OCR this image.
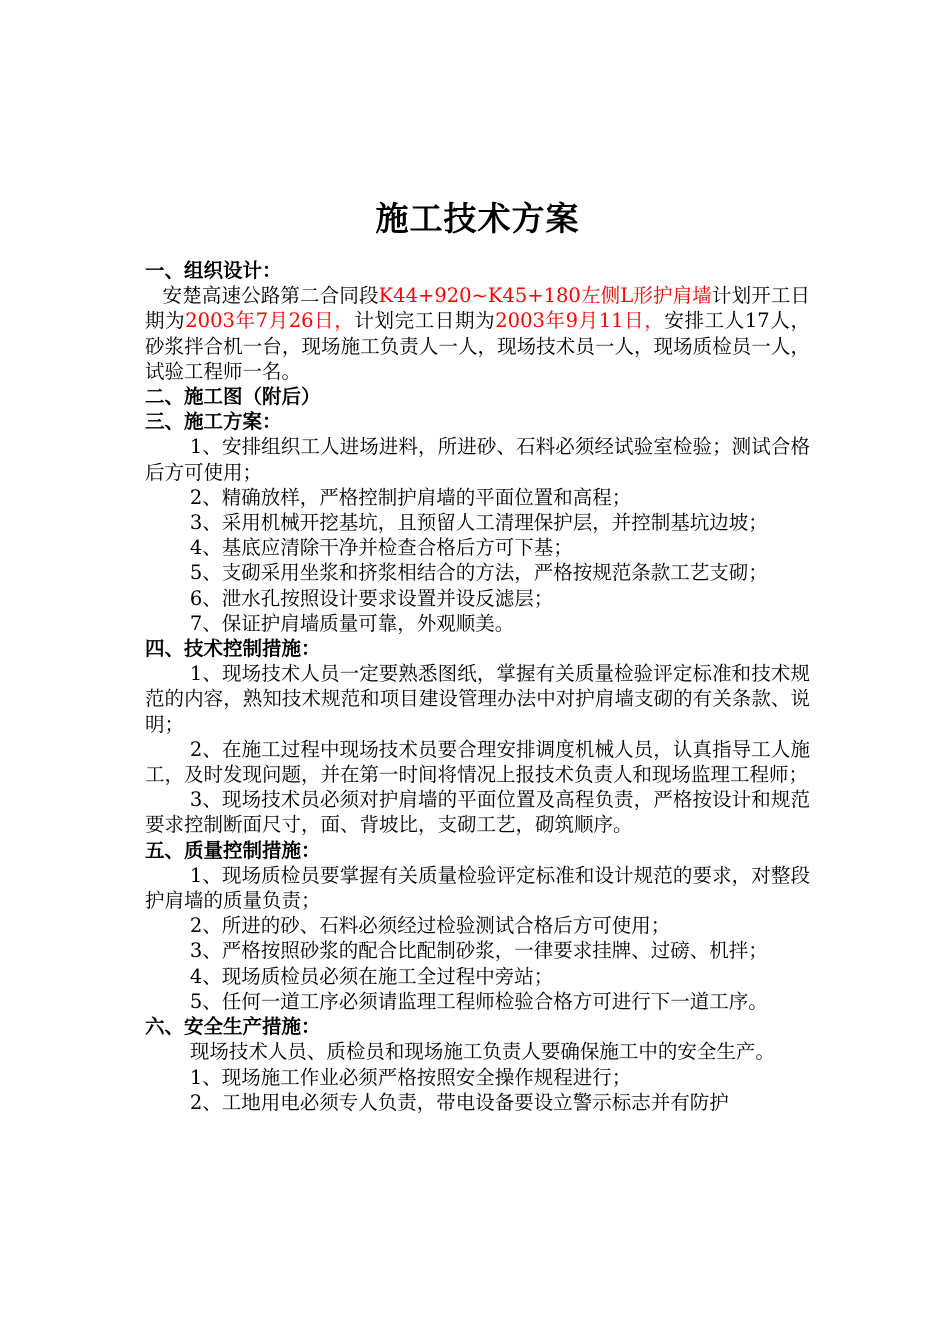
施工技术方案

一、组织设计：

安楚高速公路第二合同段K44+920~K45+180左侧L形护肩墙计划开工日期为2003年7月26日，计划完工日期为2003年9月11日，安排工人17人，砂浆拌合机一台，现场施工负责人一人，现场技术员一人，现场质检员一人，试验工程师一名。

二、施工图（附后）

三、施工方案：

1、安排组织工人进场进料，所进砂、石料必须经试验室检验；测试合格后方可使用；

2、精确放样，严格控制护肩墙的平面位置和高程；

3、采用机械开挖基坑，且预留人工清理保护层，并控制基坑边坡；

4、基底应清除干净并检查合格后方可下基；

5、支砌采用坐浆和挤浆相结合的方法，严格按规范条款工艺支砌；

6、泄水孔按照设计要求设置并设反滤层；

7、保证护肩墙质量可靠，外观顺美。

四、技术控制措施：

1、现场技术人员一定要熟悉图纸，掌握有关质量检验评定标准和技术规范的内容，熟知技术规范和项目建设管理办法中对护肩墙支砌的有关条款、说明；

2、在施工过程中现场技术员要合理安排调度机械人员，认真指导工人施工，及时发现问题，并在第一时间将情况上报技术负责人和现场监理工程师；

3、现场技术员必须对护肩墙的平面位置及高程负责，严格按设计和规范要求控制断面尺寸，面、背坡比，支砌工艺，砌筑顺序。

五、质量控制措施：

1、现场质检员要掌握有关质量检验评定标准和设计规范的要求，对整段护肩墙的质量负责；

2、所进的砂、石料必须经过检验测试合格后方可使用；

3、严格按照砂浆的配合比配制砂浆，一律要求挂牌、过磅、机拌；

4、现场质检员必须在施工全过程中旁站；

5、任何一道工序必须请监理工程师检验合格方可进行下一道工序。

六、安全生产措施：

现场技术人员、质检员和现场施工负责人要确保施工中的安全生产。

1、现场施工作业必须严格按照安全操作规程进行；

2、工地用电必须专人负责，带电设备要设立警示标志并有防护
